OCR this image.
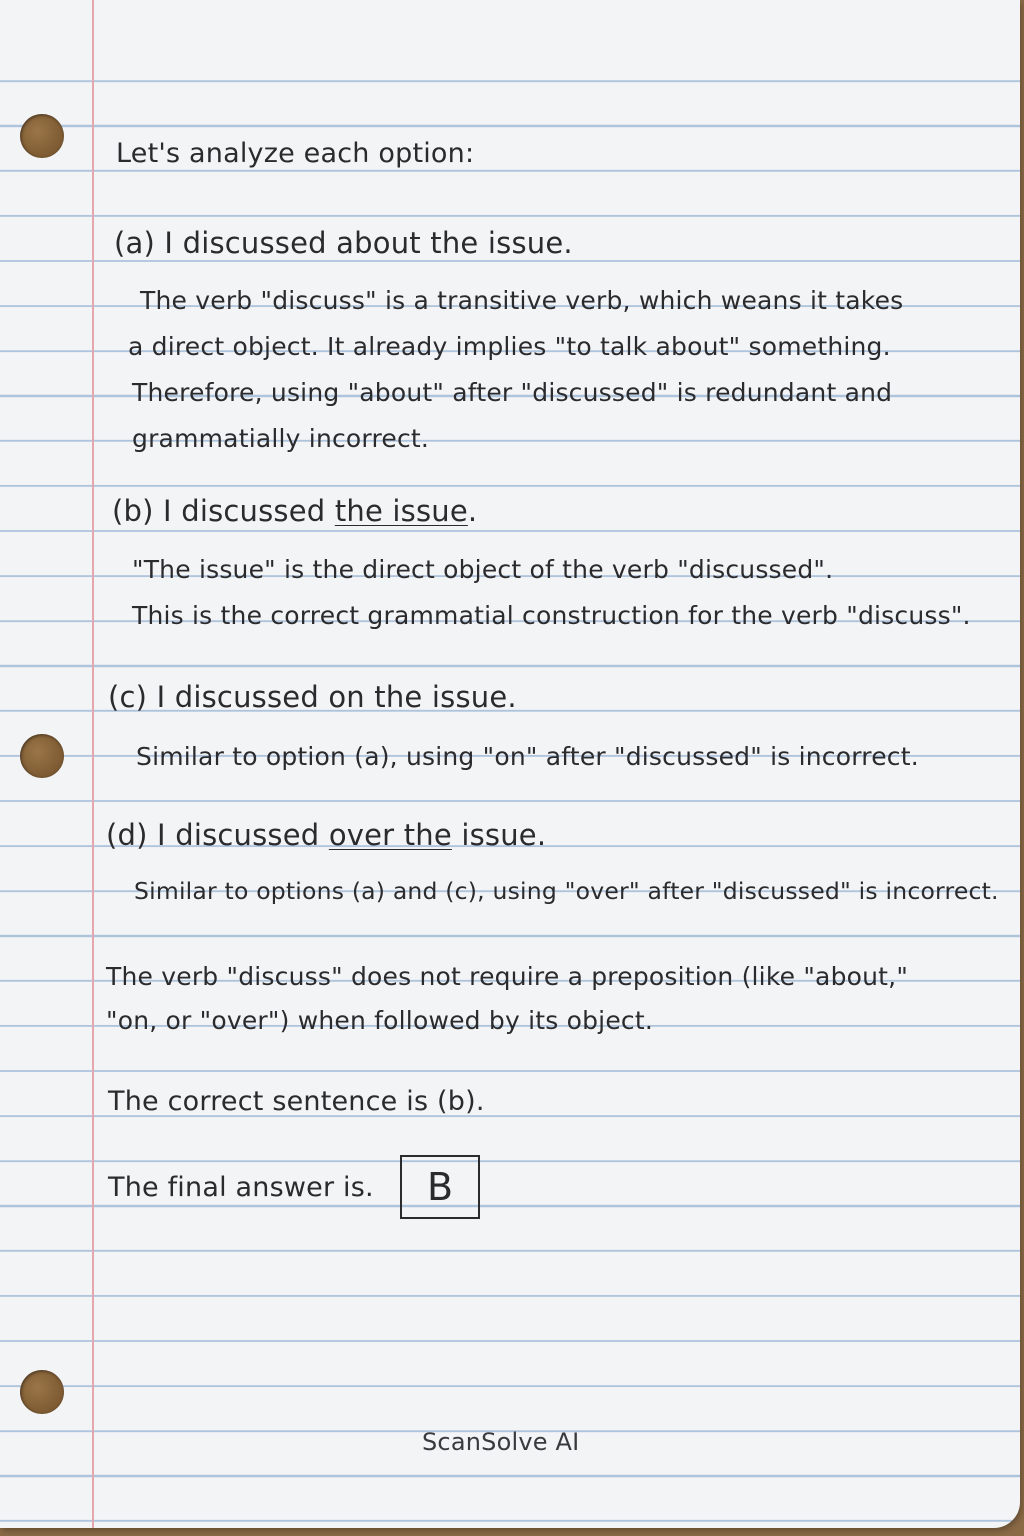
Let's analyze each option:

(a) I discussed about the issue.

The verb "discuss" is a transitive verb, which weans it takes

a direct object. It already implies "to talk about" something.

Therefore, using "about" after "discussed" is redundant and

grammatially incorrect.

(b) I discussed the issue.

"The issue" is the direct object of the verb "discussed".

This is the correct grammatial construction for the verb "discuss".

(c) I discussed on the issue.

Similar to option (a), using "on" after "discussed" is incorrect.

(d) I discussed over the issue.

Similar to options (a) and (c), using "over" after "discussed" is incorrect.

The verb "discuss" does not require a preposition (like "about,"

"on, or "over") when followed by its object.

The correct sentence is (b).

The final answer is. B

ScanSolve AI
